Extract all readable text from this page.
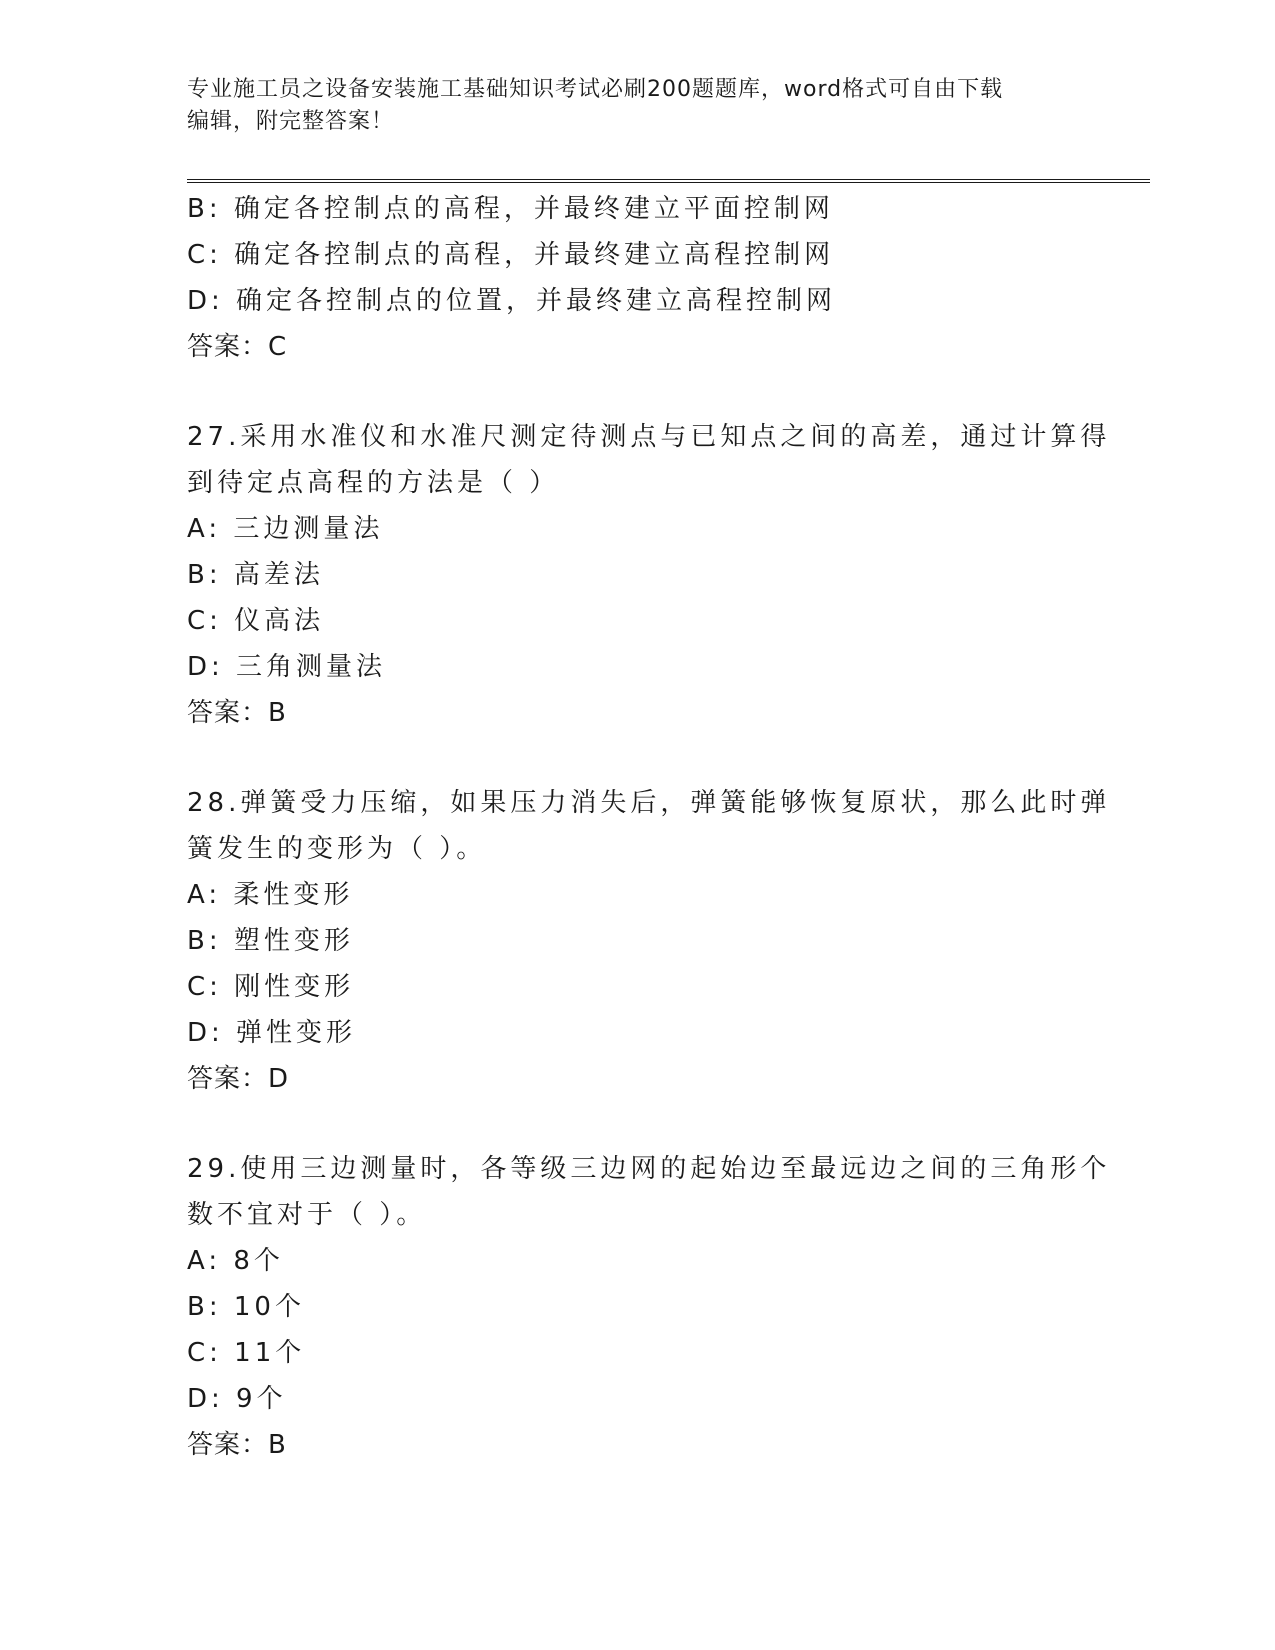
专业施工员之设备安装施工基础知识考试必刷200题题库，word格式可自由下载
编辑，附完整答案！
B: 确定各控制点的高程，并最终建立平面控制网
C: 确定各控制点的高程，并最终建立高程控制网
D: 确定各控制点的位置，并最终建立高程控制网
答案：C
27.采用水准仪和水准尺测定待测点与已知点之间的高差，通过计算得
到待定点高程的方法是（ ）
A: 三边测量法
B: 高差法
C: 仪高法
D: 三角测量法
答案：B
28.弹簧受力压缩，如果压力消失后，弹簧能够恢复原状，那么此时弹
簧发生的变形为（ ）。
A: 柔性变形
B: 塑性变形
C: 刚性变形
D: 弹性变形
答案：D
29.使用三边测量时，各等级三边网的起始边至最远边之间的三角形个
数不宜对于（ ）。
A: 8个
B: 10个
C: 11个
D: 9个
答案：B
